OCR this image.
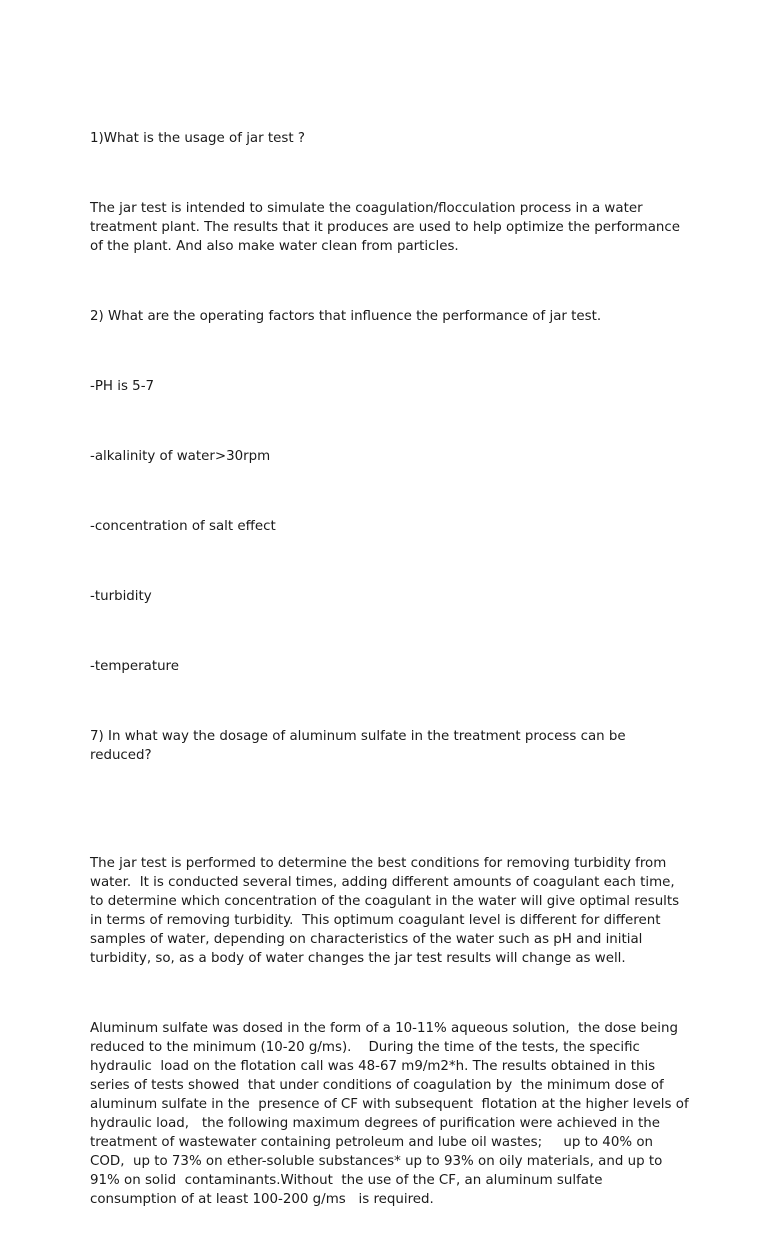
1)What is the usage of jar test ?

The jar test is intended to simulate the coagulation/flocculation process in a water treatment plant. The results that it produces are used to help optimize the performance of the plant. And also make water clean from particles.

2) What are the operating factors that influence the performance of jar test.

-PH is 5-7

-alkalinity of water>30rpm

-concentration of salt effect

-turbidity

-temperature

7) In what way the dosage of aluminum sulfate in the treatment process can be reduced?

The jar test is performed to determine the best conditions for removing turbidity from water.  It is conducted several times, adding different amounts of coagulant each time, to determine which concentration of the coagulant in the water will give optimal results in terms of removing turbidity.  This optimum coagulant level is different for different samples of water, depending on characteristics of the water such as pH and initial turbidity, so, as a body of water changes the jar test results will change as well.

Aluminum sulfate was dosed in the form of a 10-11% aqueous solution,  the dose being reduced to the minimum (10-20 g/ms).    During the time of the tests, the specific hydraulic  load on the flotation call was 48-67 m9/m2*h. The results obtained in this  series of tests showed  that under conditions of coagulation by  the minimum dose of aluminum sulfate in the  presence of CF with subsequent  flotation at the higher levels of hydraulic load,   the following maximum degrees of purification were achieved in the treatment of wastewater containing petroleum and lube oil wastes;     up to 40% on COD,  up to 73% on ether-soluble substances* up to 93% on oily materials, and up to 91% on solid  contaminants.Without  the use of the CF, an aluminum sulfate consumption of at least 100-200 g/ms   is required.
